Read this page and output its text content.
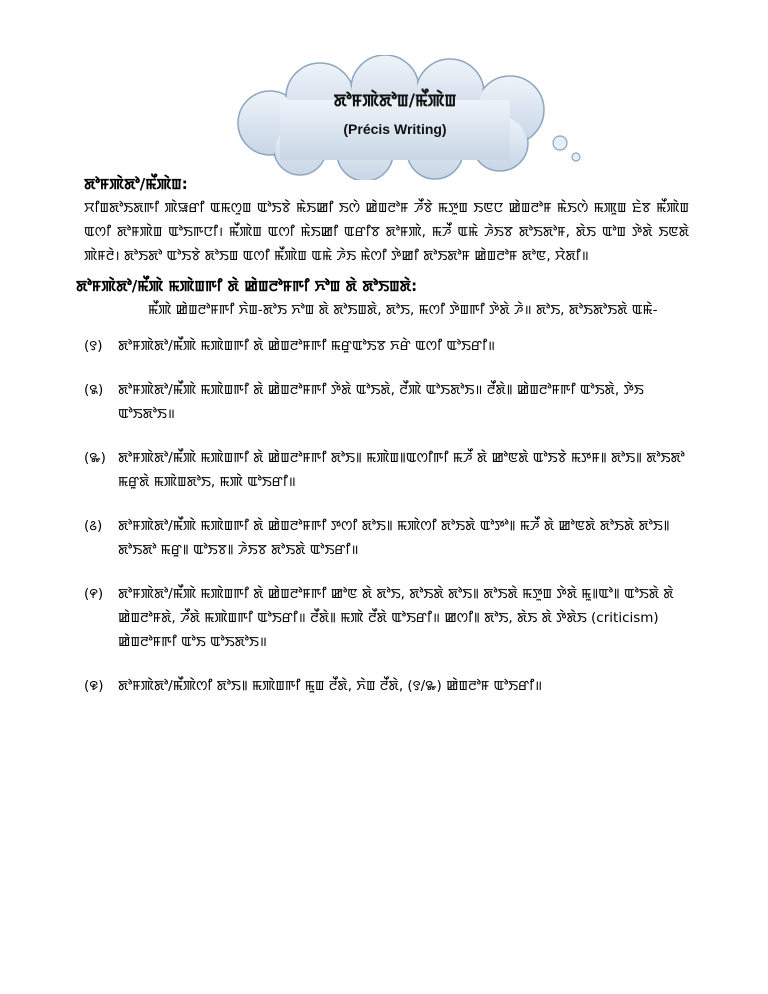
ꯗꯣꯝꯄꯥꯗꯣꯡ/ꯃꯩꯄꯥꯡ
(Précis Writing)

ꯗꯣꯝꯄꯥꯗꯣ/ꯃꯩꯄꯥꯡ:

ꯆꯤꯡꯗꯣꯏꯗꯒꯤ ꯄꯥꯎꯔꯤ ꯑꯃꯁꯨꯡ ꯑꯣꯏꯕꯥ ꯃꯥꯏꯀꯤ ꯏꯁꯥ ꯀꯥꯡꯂꯣꯝ ꯍꯩꯕꯥ ꯃꯇꯨꯡ ꯏꯟꯅ ꯀꯥꯡꯂꯣꯝ ꯃꯥꯏꯁꯥ ꯃꯄꯨꯡ ꯐꯥꯕ ꯃꯩꯄꯥꯡ ꯑꯁꯤ ꯗꯣꯝꯄꯥꯡ ꯑꯣꯏꯒꯅꯤ। ꯃꯩꯄꯥꯡ ꯑꯁꯤ ꯃꯥꯏꯀꯤ ꯑꯔꯤꯕ ꯗꯣꯝꯄꯥ, ꯃꯍꯩ ꯑꯃꯥ ꯍꯥꯏꯕ ꯗꯣꯏꯗꯣꯝ, ꯗꯥꯏ ꯑꯣꯡ ꯇꯥꯗꯥ ꯏꯟꯗꯥ ꯄꯥꯝꯂꯥ। ꯗꯣꯏꯗꯣ ꯑꯣꯏꯕꯥ ꯗꯣꯏꯡ ꯑꯁꯤ ꯃꯩꯄꯥꯡ ꯑꯃꯥ ꯍꯥꯏ ꯃꯥꯁꯤ ꯇꯥꯀꯤ ꯗꯣꯏꯗꯣꯝ ꯀꯥꯡꯂꯣꯝ ꯗꯣꯟ, ꯆꯥꯗꯤ॥

ꯗꯣꯝꯄꯥꯗꯣ/ꯃꯩꯄꯥ ꯃꯄꯥꯡꯒꯤ ꯗꯥ ꯀꯥꯡꯂꯣꯝꯒꯤ ꯈꯣꯡ ꯗꯥ ꯗꯣꯏꯡꯗꯥ:

ꯃꯩꯄꯥ ꯀꯥꯡꯂꯣꯝꯒꯤ ꯈꯥꯡ-ꯗꯣꯏ ꯈꯣꯡ ꯗꯥ ꯗꯣꯏꯡꯗꯥ, ꯗꯣꯏ, ꯃꯁꯤ ꯇꯥꯡꯒꯤ ꯇꯥꯗꯥ ꯍꯥ॥ ꯗꯣꯏ, ꯗꯣꯏꯗꯣꯏꯗꯥ ꯑꯃꯥ-

( ꯱ )	ꯗꯣꯝꯄꯥꯗꯣ/ꯃꯩꯄꯥ ꯃꯄꯥꯡꯒꯤ ꯗꯥ ꯀꯥꯡꯂꯣꯝꯒꯤ ꯃꯔꯨꯑꯣꯏꯕ ꯈꯔꯥ ꯑꯁꯤ ꯑꯣꯏꯔꯤ॥
( ꯲ )	ꯗꯣꯝꯄꯥꯗꯣ/ꯃꯩꯄꯥ ꯃꯄꯥꯡꯒꯤ ꯗꯥ ꯀꯥꯡꯂꯣꯝꯒꯤ ꯇꯥꯗꯥ ꯑꯣꯏꯗꯥ, ꯂꯩꯄꯥ ꯑꯣꯏꯗꯣꯏ॥ ꯂꯩꯗꯥ꯫ ꯀꯥꯡꯂꯣꯝꯒꯤ ꯑꯣꯏꯗꯥ, ꯇꯥꯏ ꯑꯣꯏꯗꯣꯏ॥
( ꯳ )	ꯗꯣꯝꯄꯥꯗꯣ/ꯃꯩꯄꯥ ꯃꯄꯥꯡꯒꯤ ꯗꯥ ꯀꯥꯡꯂꯣꯝꯒꯤ ꯗꯣꯏ꯫ ꯃꯄꯥꯡ꯫ꯑꯁꯤꯒꯤ ꯃꯍꯩ ꯗꯥ ꯀꯣꯟꯗꯥ ꯑꯣꯏꯕꯥ ꯃꯇꯝ꯫ ꯗꯣꯏ꯫ ꯗꯣꯏꯗꯣ ꯃꯔꯨꯗꯥ ꯃꯄꯥꯡꯗꯣꯏ, ꯃꯄꯥ ꯑꯣꯏꯔꯤ॥
( ꯴ )	ꯗꯣꯝꯄꯥꯗꯣ/ꯃꯩꯄꯥ ꯃꯄꯥꯡꯒꯤ ꯗꯥ ꯀꯥꯡꯂꯣꯝꯒꯤ ꯇꯁꯤ ꯗꯣꯏ꯫ ꯃꯄꯥꯁꯤ ꯗꯣꯏꯗꯥ ꯑꯣꯇꯣ꯫ ꯃꯍꯩ ꯗꯥ ꯀꯣꯟꯗꯥ ꯗꯣꯏꯗꯥ ꯗꯣꯏ꯫ ꯗꯣꯏꯗꯣ ꯃꯔꯨ꯫ ꯑꯣꯏꯕ꯫ ꯍꯥꯏꯕ ꯗꯣꯏꯗꯥ ꯑꯣꯏꯔꯤ॥
( ꯵ )	ꯗꯣꯝꯄꯥꯗꯣ/ꯃꯩꯄꯥ ꯃꯄꯥꯡꯒꯤ ꯗꯥ ꯀꯥꯡꯂꯣꯝꯒꯤ ꯀꯣꯟ ꯗꯥ ꯗꯣꯏ, ꯗꯣꯏꯗꯥ ꯗꯣꯏ꯫ ꯗꯣꯏꯗꯥ ꯃꯇꯨꯡ ꯇꯥꯗꯥ ꯃꯨ꯫ꯑꯣ꯫ ꯑꯣꯏꯗꯥ ꯗꯥ ꯀꯥꯡꯂꯣꯝꯗꯥ, ꯍꯩꯗꯥ ꯃꯄꯥꯡꯒꯤ ꯑꯣꯏꯔꯤ॥ ꯂꯩꯗꯥ꯫ ꯃꯄꯥ ꯂꯩꯗꯥ ꯑꯣꯏꯔꯤ॥ ꯀꯁꯤ꯫ ꯗꯣꯏ, ꯗꯥꯏ ꯗꯥ ꯇꯥꯗꯥꯏ (criticism) ꯀꯥꯡꯂꯣꯝꯒꯤ ꯑꯣꯏ ꯑꯣꯏꯗꯣꯏ॥
( ꯶ )	ꯗꯣꯝꯄꯥꯗꯣ/ꯃꯩꯄꯥꯁꯤ ꯗꯣꯏ꯫ ꯃꯄꯥꯡꯒꯤ ꯃꯨꯡ ꯂꯩꯗꯥ, ꯈꯥꯡ ꯂꯩꯗꯥ, (꯱/꯳) ꯀꯥꯡꯂꯣꯝ ꯑꯣꯏꯔꯤ॥
